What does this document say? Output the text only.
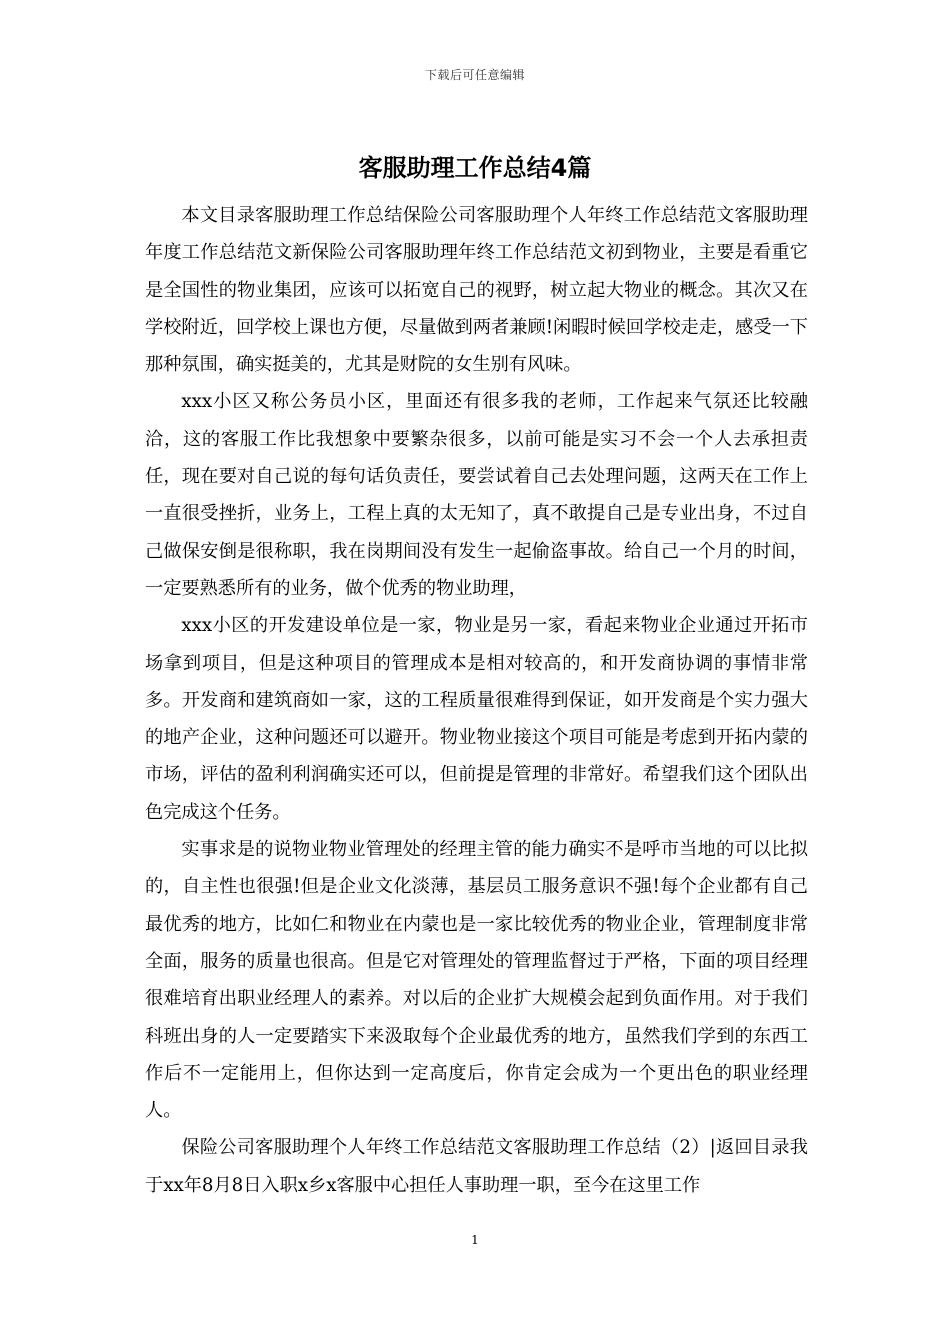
下载后可任意编辑
客服助理工作总结4篇

本文目录客服助理工作总结保险公司客服助理个人年终工作总结范文客服助理年度工作总结范文新保险公司客服助理年终工作总结范文初到物业，主要是看重它是全国性的物业集团，应该可以拓宽自己的视野，树立起大物业的概念。其次又在学校附近，回学校上课也方便，尽量做到两者兼顾!闲暇时候回学校走走，感受一下那种氛围，确实挺美的，尤其是财院的女生别有风味。

xxx小区又称公务员小区，里面还有很多我的老师，工作起来气氛还比较融洽，这的客服工作比我想象中要繁杂很多，以前可能是实习不会一个人去承担责任，现在要对自己说的每句话负责任，要尝试着自己去处理问题，这两天在工作上一直很受挫折，业务上，工程上真的太无知了，真不敢提自己是专业出身，不过自己做保安倒是很称职，我在岗期间没有发生一起偷盗事故。给自己一个月的时间，一定要熟悉所有的业务，做个优秀的物业助理，

xxx小区的开发建设单位是一家，物业是另一家，看起来物业企业通过开拓市场拿到项目，但是这种项目的管理成本是相对较高的，和开发商协调的事情非常多。开发商和建筑商如一家，这的工程质量很难得到保证，如开发商是个实力强大的地产企业，这种问题还可以避开。物业物业接这个项目可能是考虑到开拓内蒙的市场，评估的盈利利润确实还可以，但前提是管理的非常好。希望我们这个团队出色完成这个任务。

实事求是的说物业物业管理处的经理主管的能力确实不是呼市当地的可以比拟的，自主性也很强!但是企业文化淡薄，基层员工服务意识不强!每个企业都有自己最优秀的地方，比如仁和物业在内蒙也是一家比较优秀的物业企业，管理制度非常全面，服务的质量也很高。但是它对管理处的管理监督过于严格，下面的项目经理很难培育出职业经理人的素养。对以后的企业扩大规模会起到负面作用。对于我们科班出身的人一定要踏实下来汲取每个企业最优秀的地方，虽然我们学到的东西工作后不一定能用上，但你达到一定高度后，你肯定会成为一个更出色的职业经理人。

保险公司客服助理个人年终工作总结范文客服助理工作总结（2）|返回目录我于xx年8月8日入职x乡x客服中心担任人事助理一职，至今在这里工作

1
